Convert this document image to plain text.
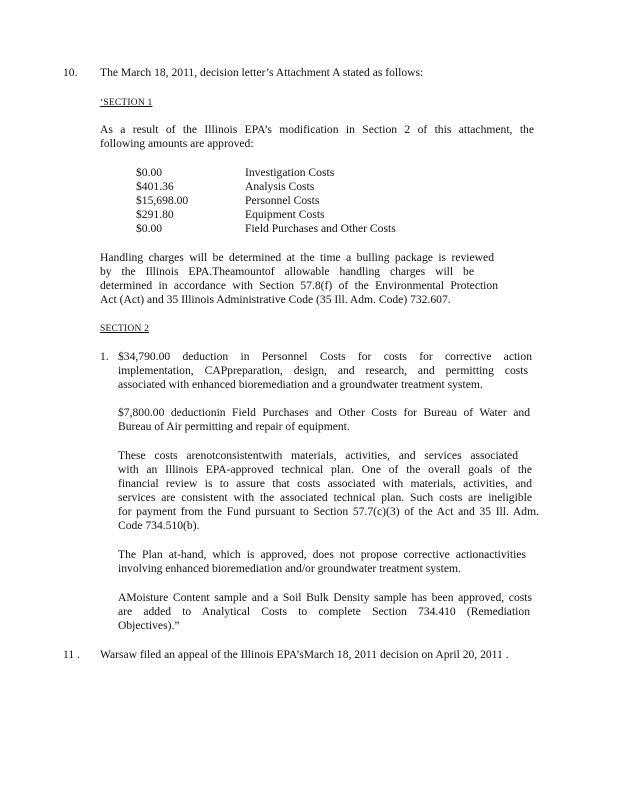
10. The March 18, 2011, decision letter’s Attachment A stated as follows:
‘SECTION 1
As a result of the Illinois EPA’s modification in Section 2 of this attachment, the
following amounts are approved:
$0.00	Investigation Costs
$401.36	Analysis Costs
$15,698.00	Personnel Costs
$291.80	Equipment Costs
$0.00	Field Purchases and Other Costs
Handling charges will be determined at the time a bulling package is reviewed
by the Illinois EPA.Theamountof allowable handling charges will be
determined in accordance with Section 57.8(f) of the Environmental Protection
Act (Act) and 35 Illinois Administrative Code (35 Ill. Adm. Code) 732.607.
SECTION 2
1. $34,790.00 deduction in Personnel Costs for costs for corrective action
implementation, CAPpreparation, design, and research, and permitting costs
associated with enhanced bioremediation and a groundwater treatment system.
$7,800.00 deductionin Field Purchases and Other Costs for Bureau of Water and
Bureau of Air permitting and repair of equipment.
These costs arenotconsistentwith materials, activities, and services associated
with an Illinois EPA-approved technical plan. One of the overall goals of the
financial review is to assure that costs associated with materials, activities, and
services are consistent with the associated technical plan. Such costs are ineligible
for payment from the Fund pursuant to Section 57.7(c)(3) of the Act and 35 Ill. Adm.
Code 734.510(b).
The Plan at-hand, which is approved, does not propose corrective actionactivities
involving enhanced bioremediation and/or groundwater treatment system.
AMoisture Content sample and a Soil Bulk Density sample has been approved, costs
are added to Analytical Costs to complete Section 734.410 (Remediation
Objectives).”
11 . Warsaw filed an appeal of the Illinois EPA’sMarch 18, 2011 decision on April 20, 2011 .
